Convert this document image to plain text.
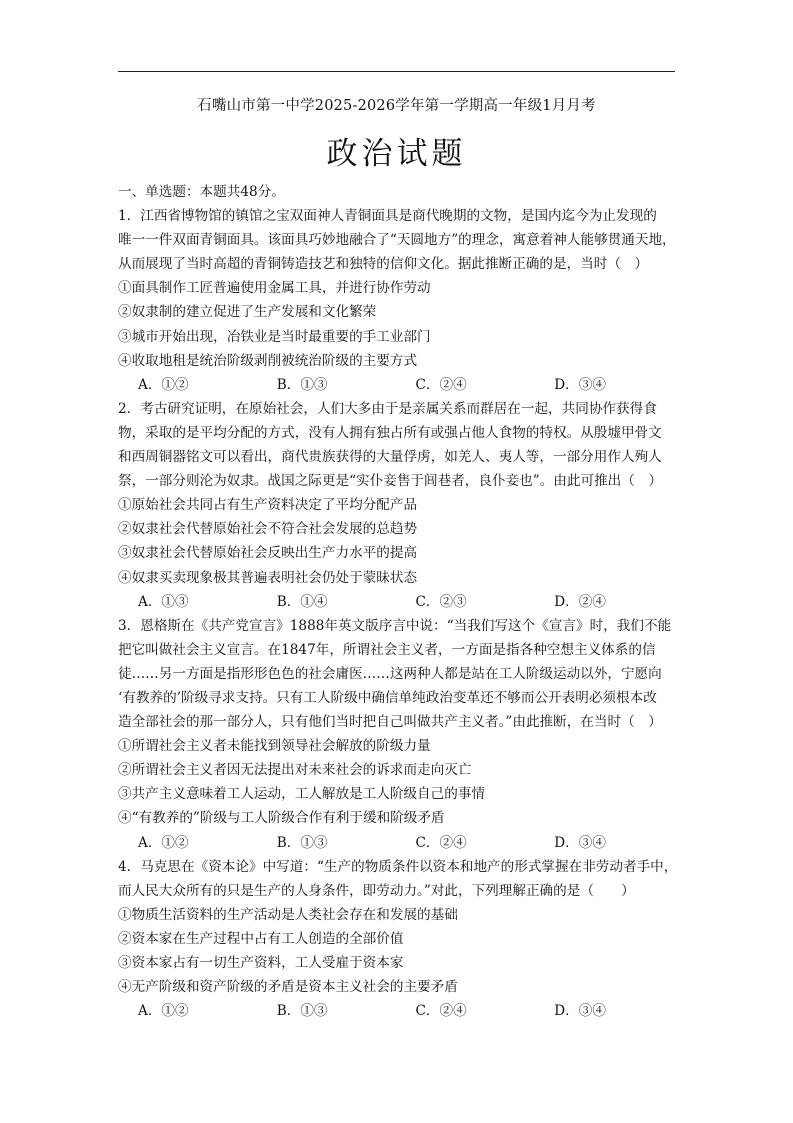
石嘴山市第一中学2025-2026学年第一学期高一年级1月月考
政治试题
一、单选题：本题共48分。
1．江西省博物馆的镇馆之宝双面神人青铜面具是商代晚期的文物，是国内迄今为止发现的
唯一一件双面青铜面具。该面具巧妙地融合了“天圆地方”的理念，寓意着神人能够贯通天地，
从而展现了当时高超的青铜铸造技艺和独特的信仰文化。据此推断正确的是，当时（　）
①面具制作工匠普遍使用金属工具，并进行协作劳动
②奴隶制的建立促进了生产发展和文化繁荣
③城市开始出现，冶铁业是当时最重要的手工业部门
④收取地租是统治阶级剥削被统治阶级的主要方式
A．①②	B．①③	C．②④	D．③④
2．考古研究证明，在原始社会，人们大多由于是亲属关系而群居在一起，共同协作获得食
物，采取的是平均分配的方式，没有人拥有独占所有或强占他人食物的特权。从殷墟甲骨文
和西周铜器铭文可以看出，商代贵族获得的大量俘虏，如羌人、夷人等，一部分用作人殉人
祭，一部分则沦为奴隶。战国之际更是“实仆妾售于闾巷者，良仆妾也”。由此可推出（　）
①原始社会共同占有生产资料决定了平均分配产品
②奴隶社会代替原始社会不符合社会发展的总趋势
③奴隶社会代替原始社会反映出生产力水平的提高
④奴隶买卖现象极其普遍表明社会仍处于蒙昧状态
A．①③	B．①④	C．②③	D．②④
3．恩格斯在《共产党宣言》1888年英文版序言中说：“当我们写这个《宣言》时，我们不能
把它叫做社会主义宣言。在1847年，所谓社会主义者，一方面是指各种空想主义体系的信
徒……另一方面是指形形色色的社会庸医……这两种人都是站在工人阶级运动以外，宁愿向
‘有教养的’阶级寻求支持。只有工人阶级中确信单纯政治变革还不够而公开表明必须根本改
造全部社会的那一部分人，只有他们当时把自己叫做共产主义者。”由此推断，在当时（　）
①所谓社会主义者未能找到领导社会解放的阶级力量
②所谓社会主义者因无法提出对未来社会的诉求而走向灭亡
③共产主义意味着工人运动，工人解放是工人阶级自己的事情
④“有教养的”阶级与工人阶级合作有利于缓和阶级矛盾
A．①②	B．①③	C．②④	D．③④
4．马克思在《资本论》中写道：“生产的物质条件以资本和地产的形式掌握在非劳动者手中，
而人民大众所有的只是生产的人身条件，即劳动力。”对此，下列理解正确的是（　　）
①物质生活资料的生产活动是人类社会存在和发展的基础
②资本家在生产过程中占有工人创造的全部价值
③资本家占有一切生产资料，工人受雇于资本家
④无产阶级和资产阶级的矛盾是资本主义社会的主要矛盾
A．①②	B．①③	C．②④	D．③④
